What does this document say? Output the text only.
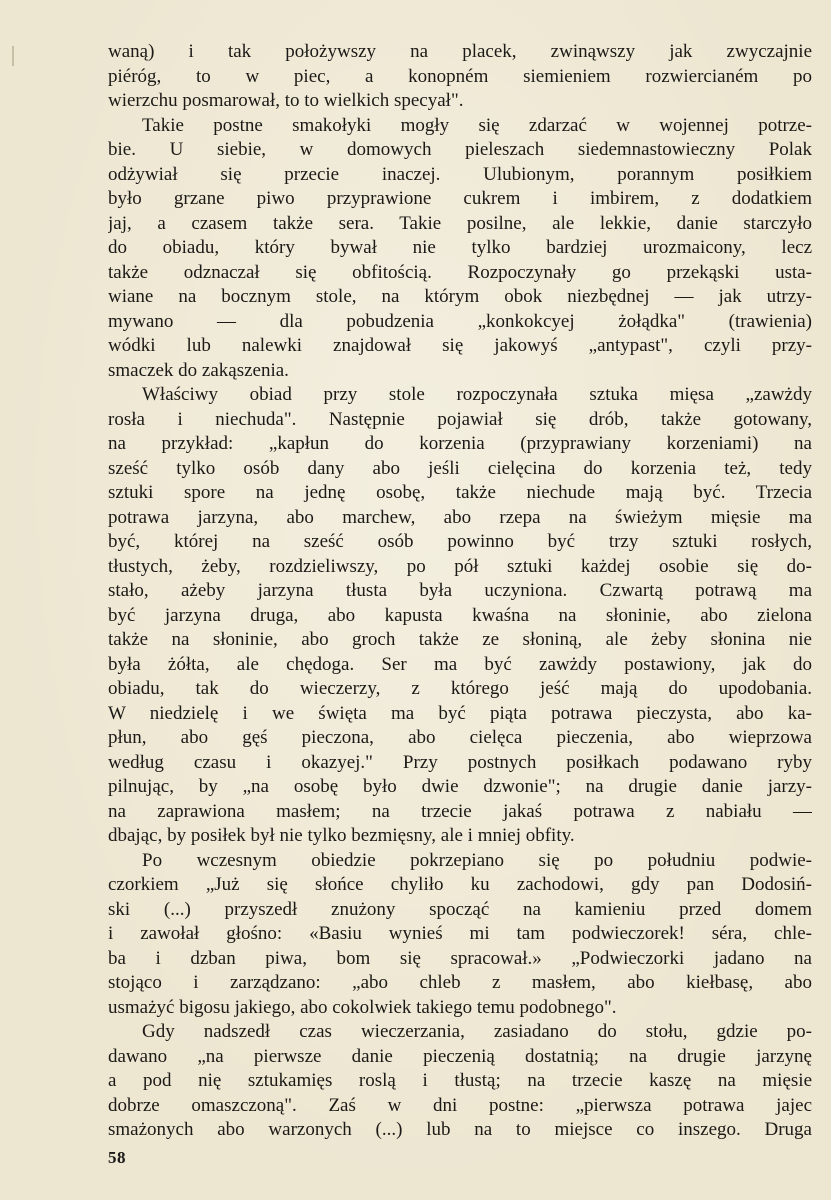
waną) i tak położywszy na placek, zwinąwszy jak zwyczajnie
piéróg, to w piec, a konopném siemieniem rozwiercianém po
wierzchu posmarował, to to wielkich specyał".
Takie postne smakołyki mogły się zdarzać w wojennej potrze-
bie. U siebie, w domowych pieleszach siedemnastowieczny Polak
odżywiał się przecie inaczej. Ulubionym, porannym posiłkiem
było grzane piwo przyprawione cukrem i imbirem, z dodatkiem
jaj, a czasem także sera. Takie posilne, ale lekkie, danie starczyło
do obiadu, który bywał nie tylko bardziej urozmaicony, lecz
także odznaczał się obfitością. Rozpoczynały go przekąski usta-
wiane na bocznym stole, na którym obok niezbędnej — jak utrzy-
mywano — dla pobudzenia „konkokcyej żołądka" (trawienia)
wódki lub nalewki znajdował się jakowyś „antypast", czyli przy-
smaczek do zakąszenia.
Właściwy obiad przy stole rozpoczynała sztuka mięsa „zawżdy
rosła i niechuda". Następnie pojawiał się drób, także gotowany,
na przykład: „kapłun do korzenia (przyprawiany korzeniami) na
sześć tylko osób dany abo jeśli cielęcina do korzenia też, tedy
sztuki spore na jednę osobę, także niechude mają być. Trzecia
potrawa jarzyna, abo marchew, abo rzepa na świeżym mięsie ma
być, której na sześć osób powinno być trzy sztuki rosłych,
tłustych, żeby, rozdzieliwszy, po pół sztuki każdej osobie się do-
stało, ażeby jarzyna tłusta była uczyniona. Czwartą potrawą ma
być jarzyna druga, abo kapusta kwaśna na słoninie, abo zielona
także na słoninie, abo groch także ze słoniną, ale żeby słonina nie
była żółta, ale chędoga. Ser ma być zawżdy postawiony, jak do
obiadu, tak do wieczerzy, z którego jeść mają do upodobania.
W niedzielę i we święta ma być piąta potrawa pieczysta, abo ka-
płun, abo gęś pieczona, abo cielęca pieczenia, abo wieprzowa
według czasu i okazyej." Przy postnych posiłkach podawano ryby
pilnując, by „na osobę było dwie dzwonie"; na drugie danie jarzy-
na zaprawiona masłem; na trzecie jakaś potrawa z nabiału —
dbając, by posiłek był nie tylko bezmięsny, ale i mniej obfity.
Po wczesnym obiedzie pokrzepiano się po południu podwie-
czorkiem „Już się słońce chyliło ku zachodowi, gdy pan Dodosiń-
ski (...) przyszedł znużony spocząć na kamieniu przed domem
i zawołał głośno: «Basiu wynieś mi tam podwieczorek! séra, chle-
ba i dzban piwa, bom się spracował.» „Podwieczorki jadano na
stojąco i zarządzano: „abo chleb z masłem, abo kiełbasę, abo
usmażyć bigosu jakiego, abo cokolwiek takiego temu podobnego".
Gdy nadszedł czas wieczerzania, zasiadano do stołu, gdzie po-
dawano „na pierwsze danie pieczenią dostatnią; na drugie jarzynę
a pod nię sztukamięs roslą i tłustą; na trzecie kaszę na mięsie
dobrze omaszczoną". Zaś w dni postne: „pierwsza potrawa jajec
smażonych abo warzonych (...) lub na to miejsce co inszego. Druga
58
